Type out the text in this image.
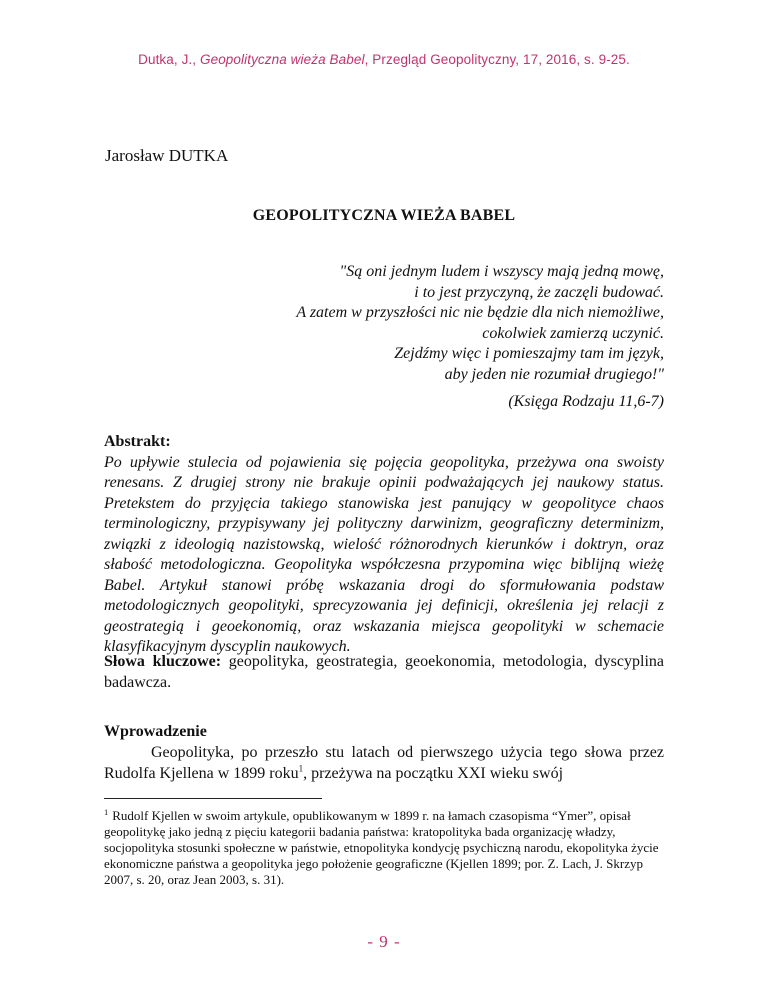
Dutka, J., Geopolityczna wieża Babel, Przegląd Geopolityczny, 17, 2016, s. 9-25.
Jarosław DUTKA
GEOPOLITYCZNA WIEŻA BABEL
"Są oni jednym ludem i wszyscy mają jedną mowę,
i to jest przyczyną, że zaczęli budować.
A zatem w przyszłości nic nie będzie dla nich niemożliwe,
cokolwiek zamierzą uczynić.
Zejdźmy więc i pomieszajmy tam im język,
aby jeden nie rozumiał drugiego!"
(Księga Rodzaju 11,6-7)
Abstrakt:
Po upływie stulecia od pojawienia się pojęcia geopolityka, przeżywa ona swoisty renesans. Z drugiej strony nie brakuje opinii podważających jej naukowy status. Pretekstem do przyjęcia takiego stanowiska jest panujący w geopolityce chaos terminologiczny, przypisywany jej polityczny darwinizm, geograficzny determinizm, związki z ideologią nazistowską, wielość różnorodnych kierunków i doktryn, oraz słabość metodologiczna. Geopolityka współczesna przypomina więc biblijną wieżę Babel. Artykuł stanowi próbę wskazania drogi do sformułowania podstaw metodologicznych geopolityki, sprecyzowania jej definicji, określenia jej relacji z geostrategią i geoekonomią, oraz wskazania miejsca geopolityki w schemacie klasyfikacyjnym dyscyplin naukowych.
Słowa kluczowe: geopolityka, geostrategia, geoekonomia, metodologia, dyscyplina badawcza.
Wprowadzenie
Geopolityka, po przeszło stu latach od pierwszego użycia tego słowa przez Rudolfa Kjellena w 1899 roku$^1$, przeżywa na początku XXI wieku swój
$^1$ Rudolf Kjellen w swoim artykule, opublikowanym w 1899 r. na łamach czasopisma “Ymer”, opisał geopolitykę jako jedną z pięciu kategorii badania państwa: kratopolityka bada organizację władzy, socjopolityka stosunki społeczne w państwie, etnopolityka kondycję psychiczną narodu, ekopolityka życie ekonomiczne państwa a geopolityka jego położenie geograficzne (Kjellen 1899; por. Z. Lach, J. Skrzyp 2007, s. 20, oraz Jean 2003, s. 31).
- 9 -
